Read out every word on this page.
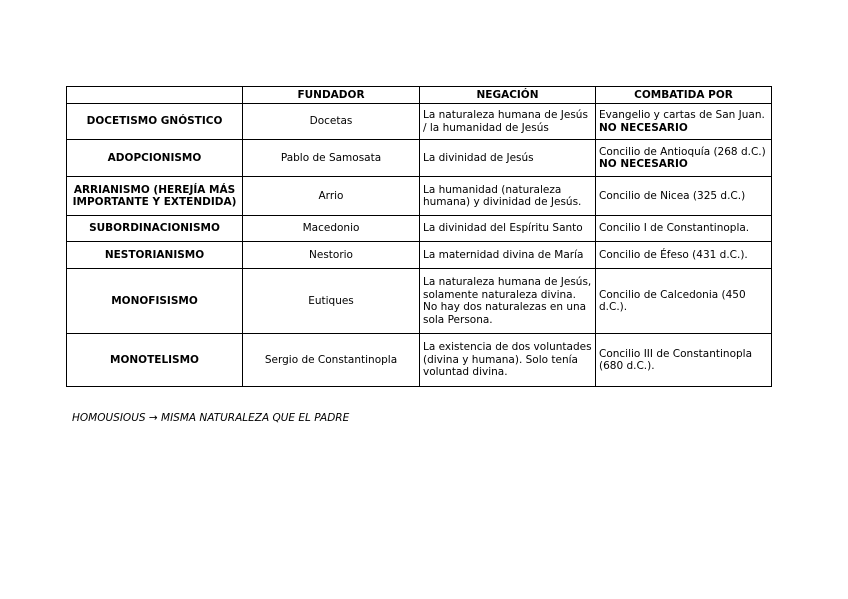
	FUNDADOR	NEGACIÓN	COMBATIDA POR
DOCETISMO GNÓSTICO	Docetas	La naturaleza humana de Jesús / la humanidad de Jesús	Evangelio y cartas de San Juan. NO NECESARIO
ADOPCIONISMO	Pablo de Samosata	La divinidad de Jesús	Concilio de Antioquía (268 d.C.) NO NECESARIO
ARRIANISMO (HEREJÍA MÁS IMPORTANTE Y EXTENDIDA)	Arrio	La humanidad (naturaleza humana) y divinidad de Jesús.	Concilio de Nicea (325 d.C.)
SUBORDINACIONISMO	Macedonio	La divinidad del Espíritu Santo	Concilio I de Constantinopla.
NESTORIANISMO	Nestorio	La maternidad divina de María	Concilio de Éfeso (431 d.C.).
MONOFISISMO	Eutiques	La naturaleza humana de Jesús, solamente naturaleza divina. No hay dos naturalezas en una sola Persona.	Concilio de Calcedonia (450 d.C.).
MONOTELISMO	Sergio de Constantinopla	La existencia de dos voluntades (divina y humana). Solo tenía voluntad divina.	Concilio III de Constantinopla (680 d.C.).
HOMOUSIOUS → MISMA NATURALEZA QUE EL PADRE
